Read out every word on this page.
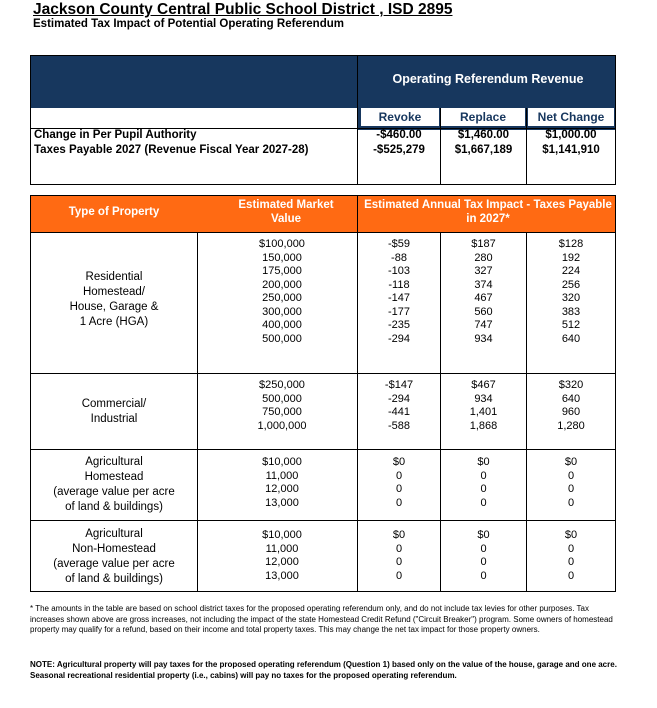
Jackson County Central Public School District , ISD 2895
Estimated Tax Impact of Potential Operating Referendum
Operating Referendum Revenue
Revoke	Replace	Net Change
Change in Per Pupil Authority
Taxes Payable 2027 (Revenue Fiscal Year 2027-28)
-$460.00
-$525,279
$1,460.00
$1,667,189
$1,000.00
$1,141,910
Type of Property
Estimated Market Value
Estimated Annual Tax Impact - Taxes Payable in 2027*
Residential
Homestead/
House, Garage &
1 Acre (HGA)
$100,000
150,000
175,000
200,000
250,000
300,000
400,000
500,000
-$59
-88
-103
-118
-147
-177
-235
-294
$187
280
327
374
467
560
747
934
$128
192
224
256
320
383
512
640
Commercial/
Industrial
$250,000
500,000
750,000
1,000,000
-$147
-294
-441
-588
$467
934
1,401
1,868
$320
640
960
1,280
Agricultural
Homestead
(average value per acre
of land & buildings)
$10,000
11,000
12,000
13,000
$0
0
0
0
$0
0
0
0
$0
0
0
0
Agricultural
Non-Homestead
(average value per acre
of land & buildings)
$10,000
11,000
12,000
13,000
$0
0
0
0
$0
0
0
0
$0
0
0
0
* The amounts in the table are based on school district taxes for the proposed operating referendum only, and do not include tax levies for other purposes. Tax increases shown above are gross increases, not including the impact of the state Homestead Credit Refund ("Circuit Breaker") program. Some owners of homestead property may qualify for a refund, based on their income and total property taxes. This may change the net tax impact for those property owners.
NOTE: Agricultural property will pay taxes for the proposed operating referendum (Question 1) based only on the value of the house, garage and one acre. Seasonal recreational residential property (i.e., cabins) will pay no taxes for the proposed operating referendum.
